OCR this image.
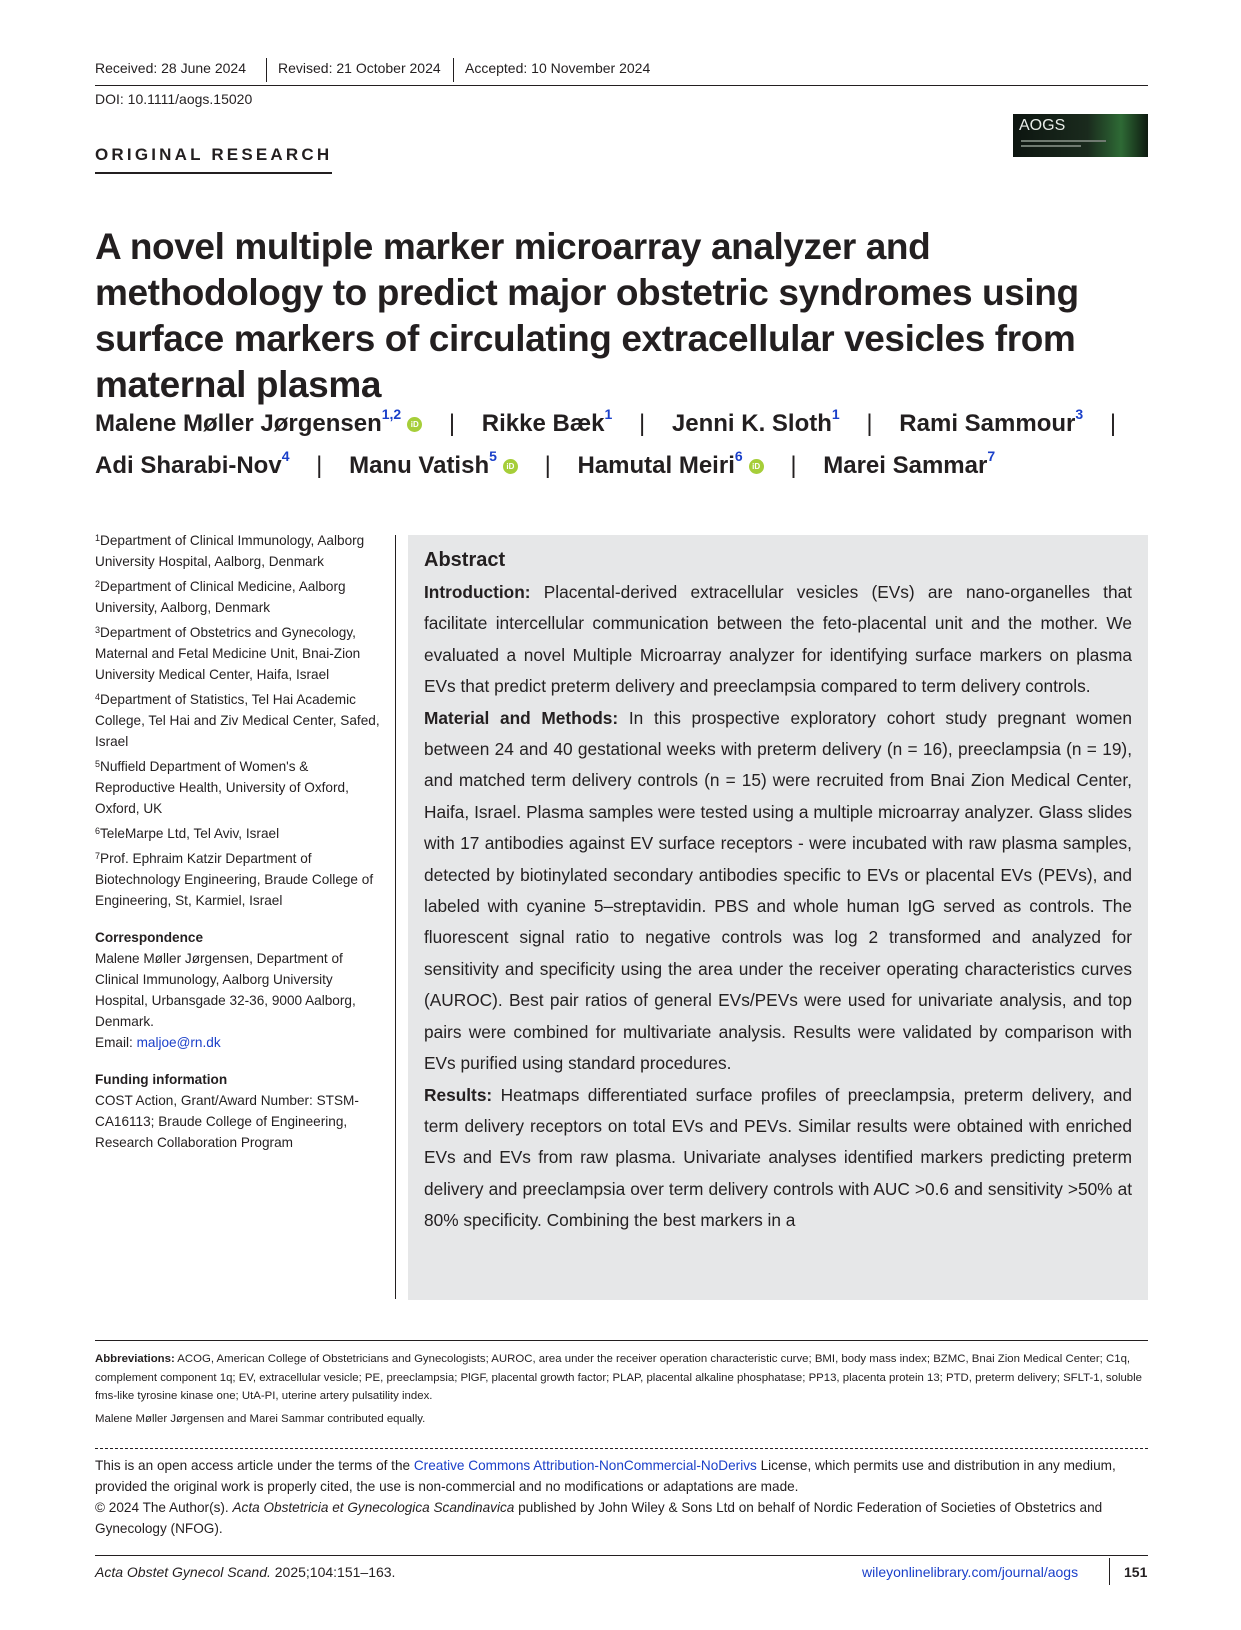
Received: 28 June 2024 Revised: 21 October 2024 Accepted: 10 November 2024
DOI: 10.1111/aogs.15020
ORIGINAL RESEARCH
AOGS
A novel multiple marker microarray analyzer and methodology to predict major obstetric syndromes using surface markers of circulating extracellular vesicles from maternal plasma
Malene Møller Jørgensen$^{1,2}$iD | Rikke Bæk$^1$ | Jenni K. Sloth$^1$ | Rami Sammour$^3$ |
Adi Sharabi-Nov$^4$ | Manu Vatish$^5$iD | Hamutal Meiri$^6$iD | Marei Sammar$^7$
$^1$Department of Clinical Immunology, Aalborg University Hospital, Aalborg, Denmark
$^2$Department of Clinical Medicine, Aalborg University, Aalborg, Denmark
$^3$Department of Obstetrics and Gynecology, Maternal and Fetal Medicine Unit, Bnai-Zion University Medical Center, Haifa, Israel
$^4$Department of Statistics, Tel Hai Academic College, Tel Hai and Ziv Medical Center, Safed, Israel
$^5$Nuffield Department of Women's & Reproductive Health, University of Oxford, Oxford, UK
$^6$TeleMarpe Ltd, Tel Aviv, Israel
$^7$Prof. Ephraim Katzir Department of Biotechnology Engineering, Braude College of Engineering, St, Karmiel, Israel
Correspondence
Malene Møller Jørgensen, Department of Clinical Immunology, Aalborg University Hospital, Urbansgade 32-36, 9000 Aalborg, Denmark.
Email: maljoe@rn.dk
Funding information
COST Action, Grant/Award Number: STSM-CA16113; Braude College of Engineering, Research Collaboration Program
Abstract
Introduction: Placental-derived extracellular vesicles (EVs) are nano-organelles that facilitate intercellular communication between the feto-placental unit and the mother. We evaluated a novel Multiple Microarray analyzer for identifying surface markers on plasma EVs that predict preterm delivery and preeclampsia compared to term delivery controls.
Material and Methods: In this prospective exploratory cohort study pregnant women between 24 and 40 gestational weeks with preterm delivery (n = 16), preeclampsia (n = 19), and matched term delivery controls (n = 15) were recruited from Bnai Zion Medical Center, Haifa, Israel. Plasma samples were tested using a multiple microarray analyzer. Glass slides with 17 antibodies against EV surface receptors - were incubated with raw plasma samples, detected by biotinylated secondary antibodies specific to EVs or placental EVs (PEVs), and labeled with cyanine 5–streptavidin. PBS and whole human IgG served as controls. The fluorescent signal ratio to negative controls was log 2 transformed and analyzed for sensitivity and specificity using the area under the receiver operating characteristics curves (AUROC). Best pair ratios of general EVs/PEVs were used for univariate analysis, and top pairs were combined for multivariate analysis. Results were validated by comparison with EVs purified using standard procedures.
Results: Heatmaps differentiated surface profiles of preeclampsia, preterm delivery, and term delivery receptors on total EVs and PEVs. Similar results were obtained with enriched EVs and EVs from raw plasma. Univariate analyses identified markers predicting preterm delivery and preeclampsia over term delivery controls with AUC >0.6 and sensitivity >50% at 80% specificity. Combining the best markers in a
Abbreviations: ACOG, American College of Obstetricians and Gynecologists; AUROC, area under the receiver operation characteristic curve; BMI, body mass index; BZMC, Bnai Zion Medical Center; C1q, complement component 1q; EV, extracellular vesicle; PE, preeclampsia; PlGF, placental growth factor; PLAP, placental alkaline phosphatase; PP13, placenta protein 13; PTD, preterm delivery; SFLT-1, soluble fms-like tyrosine kinase one; UtA-PI, uterine artery pulsatility index.
Malene Møller Jørgensen and Marei Sammar contributed equally.
This is an open access article under the terms of the Creative Commons Attribution-NonCommercial-NoDerivs License, which permits use and distribution in any medium, provided the original work is properly cited, the use is non-commercial and no modifications or adaptations are made.
© 2024 The Author(s). Acta Obstetricia et Gynecologica Scandinavica published by John Wiley & Sons Ltd on behalf of Nordic Federation of Societies of Obstetrics and Gynecology (NFOG).
Acta Obstet Gynecol Scand. 2025;104:151–163.	wileyonlinelibrary.com/journal/aogs	151
